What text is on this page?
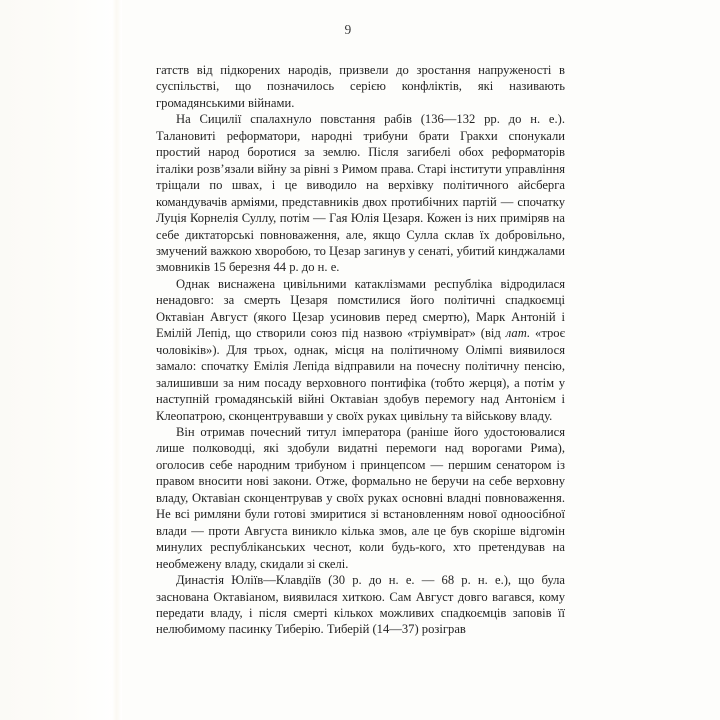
9

гатств від підкорених народів, призвели до зростання напруженості в суспільстві, що позначилось серією конфліктів, які називають громадянськими війнами.

На Сицилії спалахнуло повстання рабів (136—132 рр. до н. е.). Талановиті реформатори, народні трибуни брати Гракхи спонукали простий народ боротися за землю. Після загибелі обох реформаторів італіки розв’язали війну за рівні з Римом права. Старі інститути управління тріщали по швах, і це виводило на верхівку політичного айсберга командувачів арміями, представників двох протибічних партій — спочатку Луція Корнелія Суллу, потім — Гая Юлія Цезаря. Кожен із них приміряв на себе диктаторські повноваження, але, якщо Сулла склав їх добровільно, змучений важкою хворобою, то Цезар загинув у сенаті, убитий кинджалами змовників 15 березня 44 р. до н. е.

Однак виснажена цивільними катаклізмами республіка відродилася ненадовго: за смерть Цезаря помстилися його політичні спадкоємці Октавіан Август (якого Цезар усиновив перед смертю), Марк Антоній і Емілій Лепід, що створили союз під назвою «тріумвірат» (від лат. «троє чоловіків»). Для трьох, однак, місця на політичному Олімпі виявилося замало: спочатку Емілія Лепіда відправили на почесну політичну пенсію, залишивши за ним посаду верховного понтифіка (тобто жерця), а потім у наступній громадянській війні Октавіан здобув перемогу над Антонієм і Клеопатрою, сконцентрувавши у своїх руках цивільну та військову владу.

Він отримав почесний титул імператора (раніше його удостоювалися лише полководці, які здобули видатні перемоги над ворогами Рима), оголосив себе народним трибуном і принцепсом — першим сенатором із правом вносити нові закони. Отже, формально не беручи на себе верховну владу, Октавіан сконцентрував у своїх руках основні владні повноваження. Не всі римляни були готові змиритися зі встановленням нової одноосібної влади — проти Августа виникло кілька змов, але це був скоріше відгомін минулих республіканських чеснот, коли будь-кого, хто претендував на необмежену владу, скидали зі скелі.

Династія Юліїв—Клавдіїв (30 р. до н. е. — 68 р. н. е.), що була заснована Октавіаном, виявилася хиткою. Сам Август довго вагався, кому передати владу, і після смерті кількох можливих спадкоємців заповів її нелюбимому пасинку Тиберію. Тиберій (14—37) розіграв
